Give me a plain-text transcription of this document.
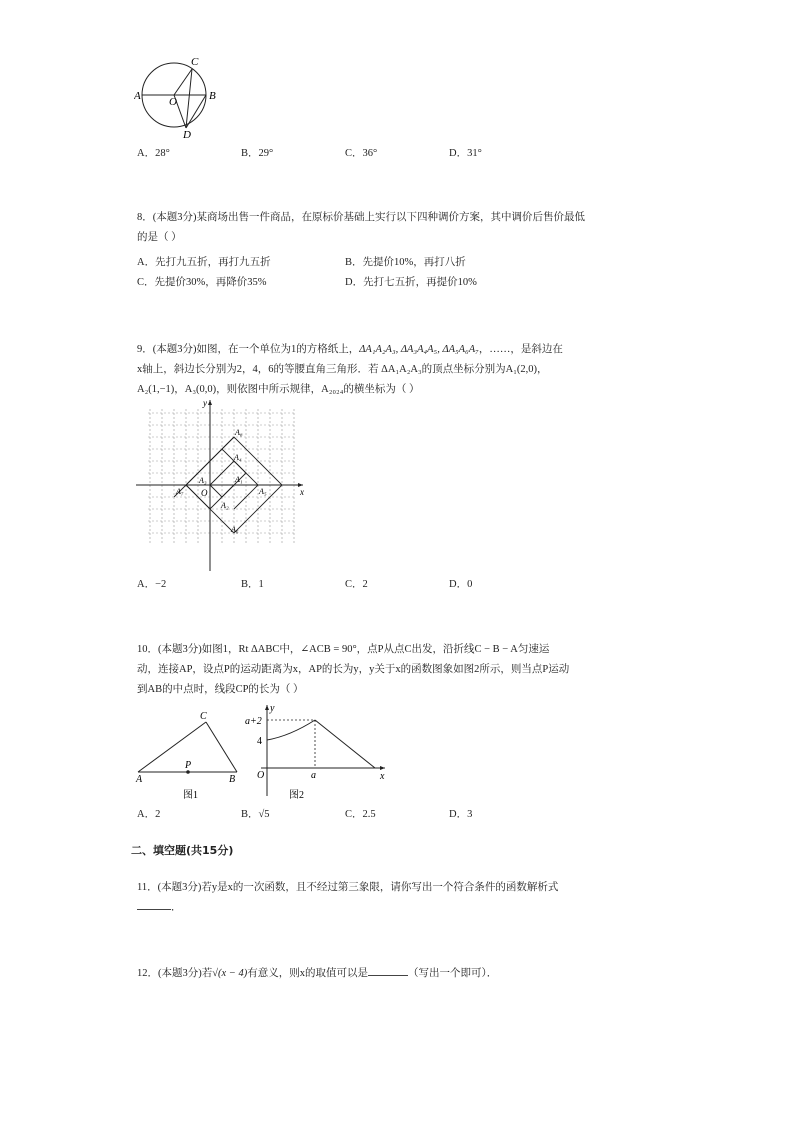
A	O	B
C
D
A．28°	B．29°	C．36°	D．31°
8．(本题3分)某商场出售一件商品，在原标价基础上实行以下四种调价方案，其中调价后售价最低
的是（ ）
A．先打九五折，再打九五折	B．先提价10%，再打八折
C．先提价30%，再降价35%	D．先打七五折，再提价10%
9．(本题3分)如图，在一个单位为1的方格纸上，ΔA₁A₂A₃, ΔA₃A₄A₅, ΔA₅A₆A₇，……，是斜边在
x轴上，斜边长分别为2，4，6的等腰直角三角形．若 ΔA₁A₂A₃的顶点坐标分别为A₁(2,0)，
A₂(1,−1)，A₃(0,0)，则依图中所示规律，A₂₀₂₄的横坐标为（ ）
y
x
O
A₁
A₂
A₃
A₄
A₅
A₆
A₇
A₈
A．−2	B．1	C．2	D．0
10．(本题3分)如图1，Rt ΔABC中，∠ACB = 90°，点P从点C出发，沿折线C − B − A匀速运
动，连接AP，设点P的运动距离为x，AP的长为y，y关于x的函数图象如图2所示，则当点P运动
到AB的中点时，线段CP的长为（ ）
A	B
C
P
图1
y
x
O	a
a+2
4
图2
A．2	B．√5	C．2.5	D．3
二、填空题(共15分)
11．(本题3分)若y是x的一次函数，且不经过第三象限，请你写出一个符合条件的函数解析式
．
12．(本题3分)若√(x − 4)有意义，则x的取值可以是	（写出一个即可）．
